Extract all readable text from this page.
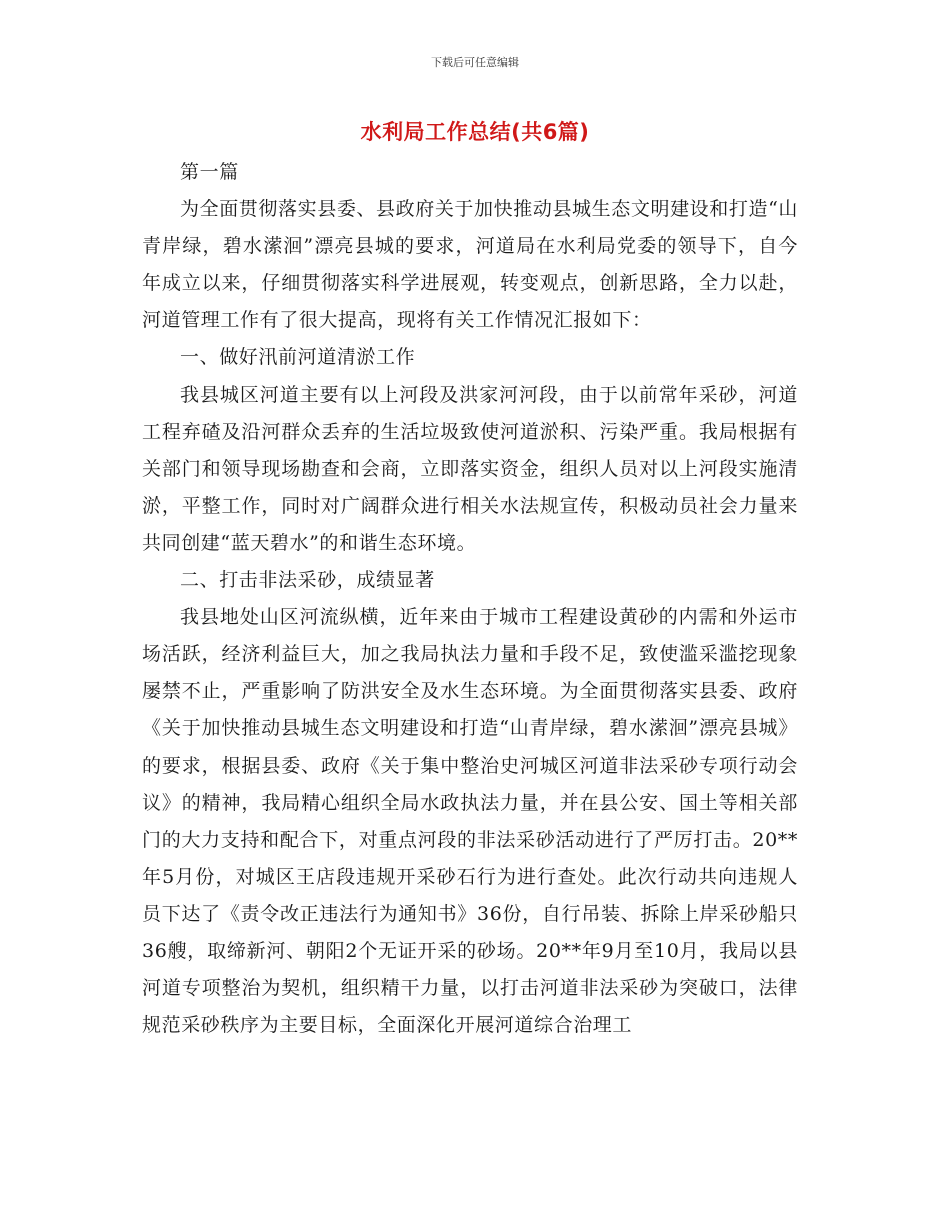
下载后可任意编辑
水利局工作总结(共6篇)

第一篇

为全面贯彻落实县委、县政府关于加快推动县城生态文明建设和打造“山青岸绿，碧水潆洄”漂亮县城的要求，河道局在水利局党委的领导下，自今年成立以来，仔细贯彻落实科学进展观，转变观点，创新思路，全力以赴，河道管理工作有了很大提高，现将有关工作情况汇报如下：

一、做好汛前河道清淤工作

我县城区河道主要有以上河段及洪家河河段，由于以前常年采砂，河道工程弃碴及沿河群众丢弃的生活垃圾致使河道淤积、污染严重。我局根据有关部门和领导现场勘查和会商，立即落实资金，组织人员对以上河段实施清淤，平整工作，同时对广阔群众进行相关水法规宣传，积极动员社会力量来共同创建“蓝天碧水”的和谐生态环境。

二、打击非法采砂，成绩显著

我县地处山区河流纵横，近年来由于城市工程建设黄砂的内需和外运市场活跃，经济利益巨大，加之我局执法力量和手段不足，致使滥采滥挖现象屡禁不止，严重影响了防洪安全及水生态环境。为全面贯彻落实县委、政府《关于加快推动县城生态文明建设和打造“山青岸绿，碧水潆洄”漂亮县城》的要求，根据县委、政府《关于集中整治史河城区河道非法采砂专项行动会议》的精神，我局精心组织全局水政执法力量，并在县公安、国土等相关部门的大力支持和配合下，对重点河段的非法采砂活动进行了严厉打击。20**年5月份，对城区王店段违规开采砂石行为进行查处。此次行动共向违规人员下达了《责令改正违法行为通知书》36份，自行吊装、拆除上岸采砂船只36艘，取缔新河、朝阳2个无证开采的砂场。20**年9月至10月，我局以县河道专项整治为契机，组织精干力量，以打击河道非法采砂为突破口，法律规范采砂秩序为主要目标，全面深化开展河道综合治理工
